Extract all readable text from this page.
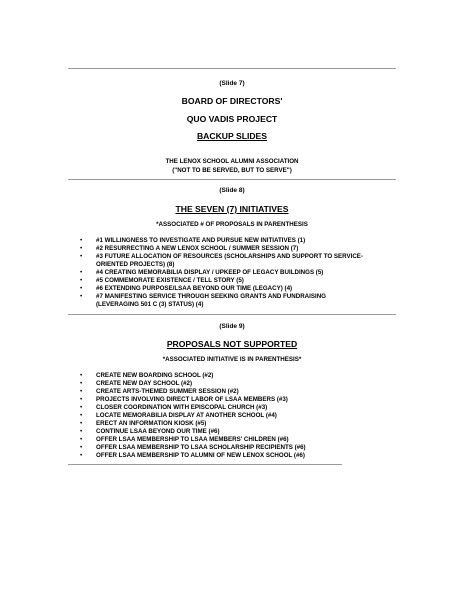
(Slide 7)
BOARD OF DIRECTORS'
QUO VADIS PROJECT
BACKUP SLIDES
THE LENOX SCHOOL ALUMNI ASSOCIATION
("NOT TO BE SERVED, BUT TO SERVE")
(Slide 8)
THE SEVEN (7) INITIATIVES
*ASSOCIATED # OF PROPOSALS IN PARENTHESIS
• #1 WILLINGNESS TO INVESTIGATE AND PURSUE NEW INITIATIVES (1)
• #2 RESURRECTING A NEW LENOX SCHOOL / SUMMER SESSION (7)
• #3 FUTURE ALLOCATION OF RESOURCES (SCHOLARSHIPS AND SUPPORT TO SERVICE-
ORIENTED PROJECTS) (8)
• #4 CREATING MEMORABILIA DISPLAY / UPKEEP OF LEGACY BUILDINGS (5)
• #5 COMMEMORATE EXISTENCE / TELL STORY (5)
• #6 EXTENDING PURPOSE/LSAA BEYOND OUR TIME (LEGACY) (4)
• #7 MANIFESTING SERVICE THROUGH SEEKING GRANTS AND FUNDRAISING
(LEVERAGING 501 C (3) STATUS) (4)
(Slide 9)
PROPOSALS NOT SUPPORTED
*ASSOCIATED INITIATIVE IS IN PARENTHESIS*
• CREATE NEW BOARDING SCHOOL (#2)
• CREATE NEW DAY SCHOOL (#2)
• CREATE ARTS-THEMED SUMMER SESSION (#2)
• PROJECTS INVOLVING DIRECT LABOR OF LSAA MEMBERS (#3)
• CLOSER COORDINATION WITH EPISCOPAL CHURCH (#3)
• LOCATE MEMORABILIA DISPLAY AT ANOTHER SCHOOL (#4)
• ERECT AN INFORMATION KIOSK (#5)
• CONTINUE LSAA BEYOND OUR TIME (#6)
• OFFER LSAA MEMBERSHIP TO LSAA MEMBERS' CHILDREN (#6)
• OFFER LSAA MEMBERSHIP TO LSAA SCHOLARSHIP RECIPIENTS (#6)
• OFFER LSAA MEMBERSHIP TO ALUMNI OF NEW LENOX SCHOOL (#6)
